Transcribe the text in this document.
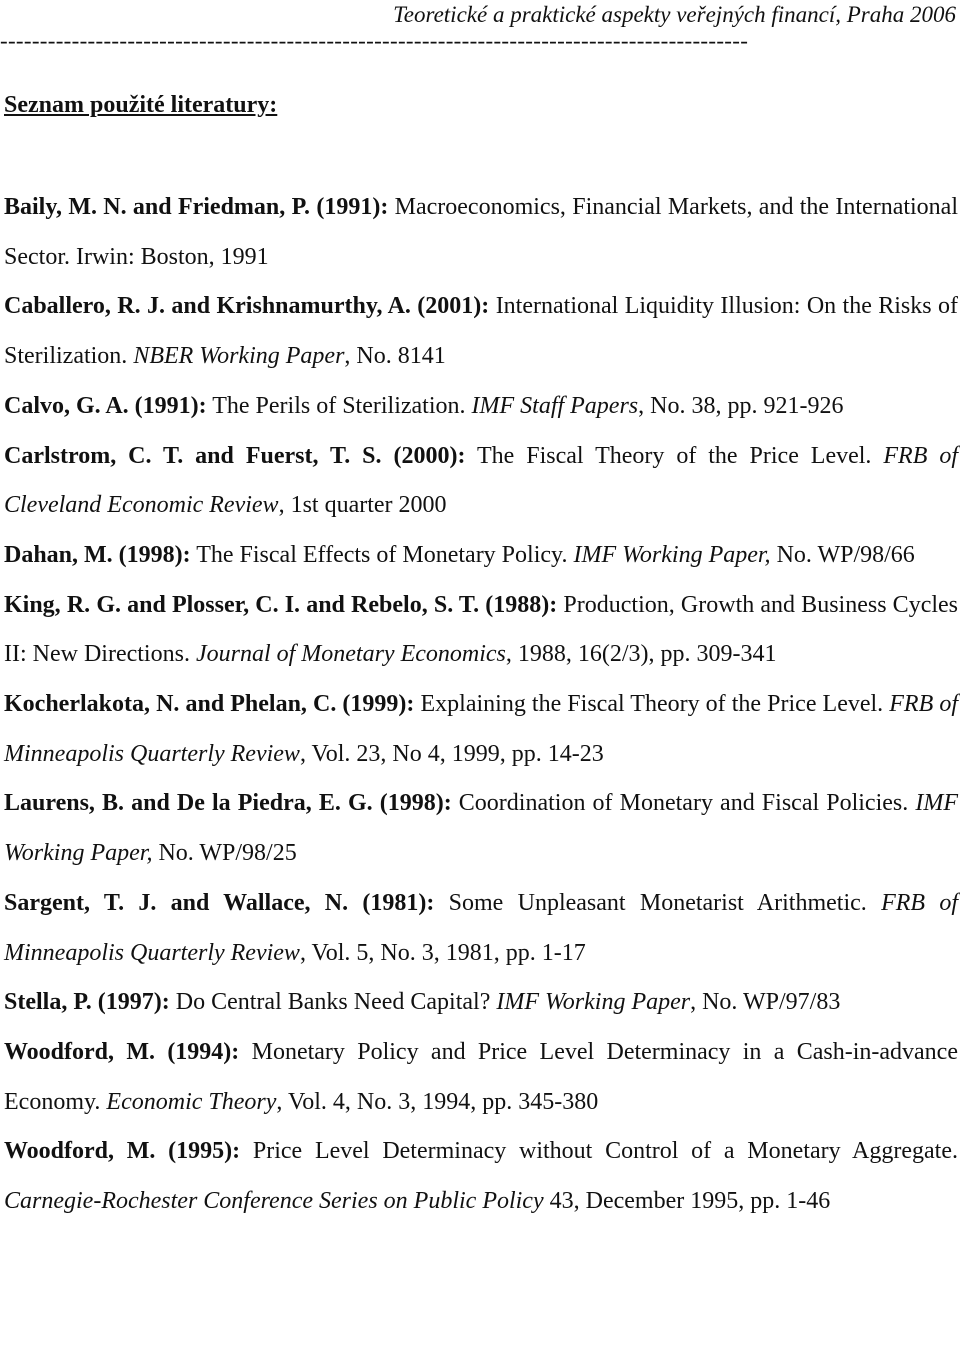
Teoretické a praktické aspekty veřejných financí, Praha 2006
----------------------------------------------------------------------------------------------
Seznam použité literatury:

Baily, M. N. and Friedman, P. (1991): Macroeconomics, Financial Markets, and the International Sector. Irwin: Boston, 1991

Caballero, R. J. and Krishnamurthy, A. (2001): International Liquidity Illusion: On the Risks of Sterilization. NBER Working Paper, No. 8141

Calvo, G. A. (1991): The Perils of Sterilization. IMF Staff Papers, No. 38, pp. 921-926

Carlstrom, C. T. and Fuerst, T. S. (2000): The Fiscal Theory of the Price Level. FRB of Cleveland Economic Review, 1st quarter 2000

Dahan, M. (1998): The Fiscal Effects of Monetary Policy. IMF Working Paper, No. WP/98/66

King, R. G. and Plosser, C. I. and Rebelo, S. T. (1988): Production, Growth and Business Cycles II: New Directions. Journal of Monetary Economics, 1988, 16(2/3), pp. 309-341

Kocherlakota, N. and Phelan, C. (1999): Explaining the Fiscal Theory of the Price Level. FRB of Minneapolis Quarterly Review, Vol. 23, No 4, 1999, pp. 14-23

Laurens, B. and De la Piedra, E. G. (1998): Coordination of Monetary and Fiscal Policies. IMF Working Paper, No. WP/98/25

Sargent, T. J. and Wallace, N. (1981): Some Unpleasant Monetarist Arithmetic. FRB of Minneapolis Quarterly Review, Vol. 5, No. 3, 1981, pp. 1-17

Stella, P. (1997): Do Central Banks Need Capital? IMF Working Paper, No. WP/97/83

Woodford, M. (1994): Monetary Policy and Price Level Determinacy in a Cash-in-advance Economy. Economic Theory, Vol. 4, No. 3, 1994, pp. 345-380

Woodford, M. (1995): Price Level Determinacy without Control of a Monetary Aggregate. Carnegie-Rochester Conference Series on Public Policy 43, December 1995, pp. 1-46
